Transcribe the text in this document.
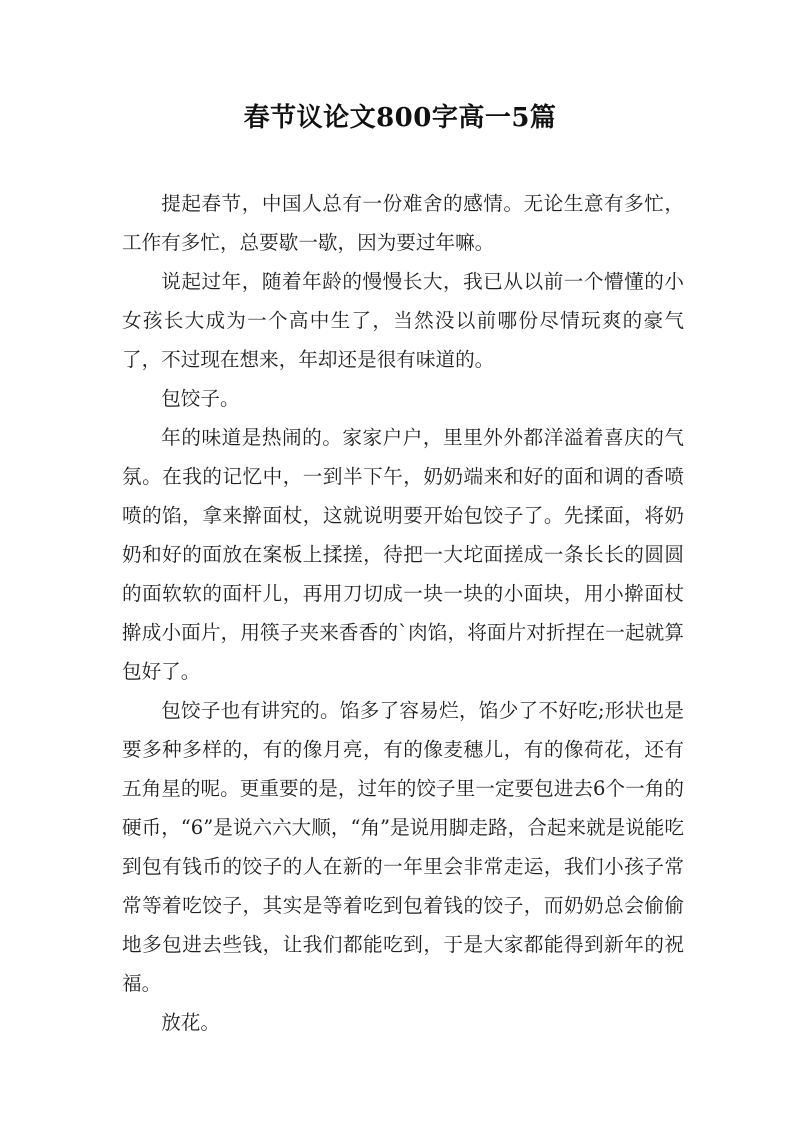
春节议论文800字高一5篇

提起春节，中国人总有一份难舍的感情。无论生意有多忙，工作有多忙，总要歇一歇，因为要过年嘛。

说起过年，随着年龄的慢慢长大，我已从以前一个懵懂的小女孩长大成为一个高中生了，当然没以前哪份尽情玩爽的豪气了，不过现在想来，年却还是很有味道的。

包饺子。

年的味道是热闹的。家家户户，里里外外都洋溢着喜庆的气氛。在我的记忆中，一到半下午，奶奶端来和好的面和调的香喷喷的馅，拿来擀面杖，这就说明要开始包饺子了。先揉面，将奶奶和好的面放在案板上揉搓，待把一大坨面搓成一条长长的圆圆的面软软的面杆儿，再用刀切成一块一块的小面块，用小擀面杖擀成小面片，用筷子夹来香香的`肉馅，将面片对折捏在一起就算包好了。

包饺子也有讲究的。馅多了容易烂，馅少了不好吃;形状也是要多种多样的，有的像月亮，有的像麦穗儿，有的像荷花，还有五角星的呢。更重要的是，过年的饺子里一定要包进去6个一角的硬币，“6”是说六六大顺，“角”是说用脚走路，合起来就是说能吃到包有钱币的饺子的人在新的一年里会非常走运，我们小孩子常常等着吃饺子，其实是等着吃到包着钱的饺子，而奶奶总会偷偷地多包进去些钱，让我们都能吃到，于是大家都能得到新年的祝福。

放花。
